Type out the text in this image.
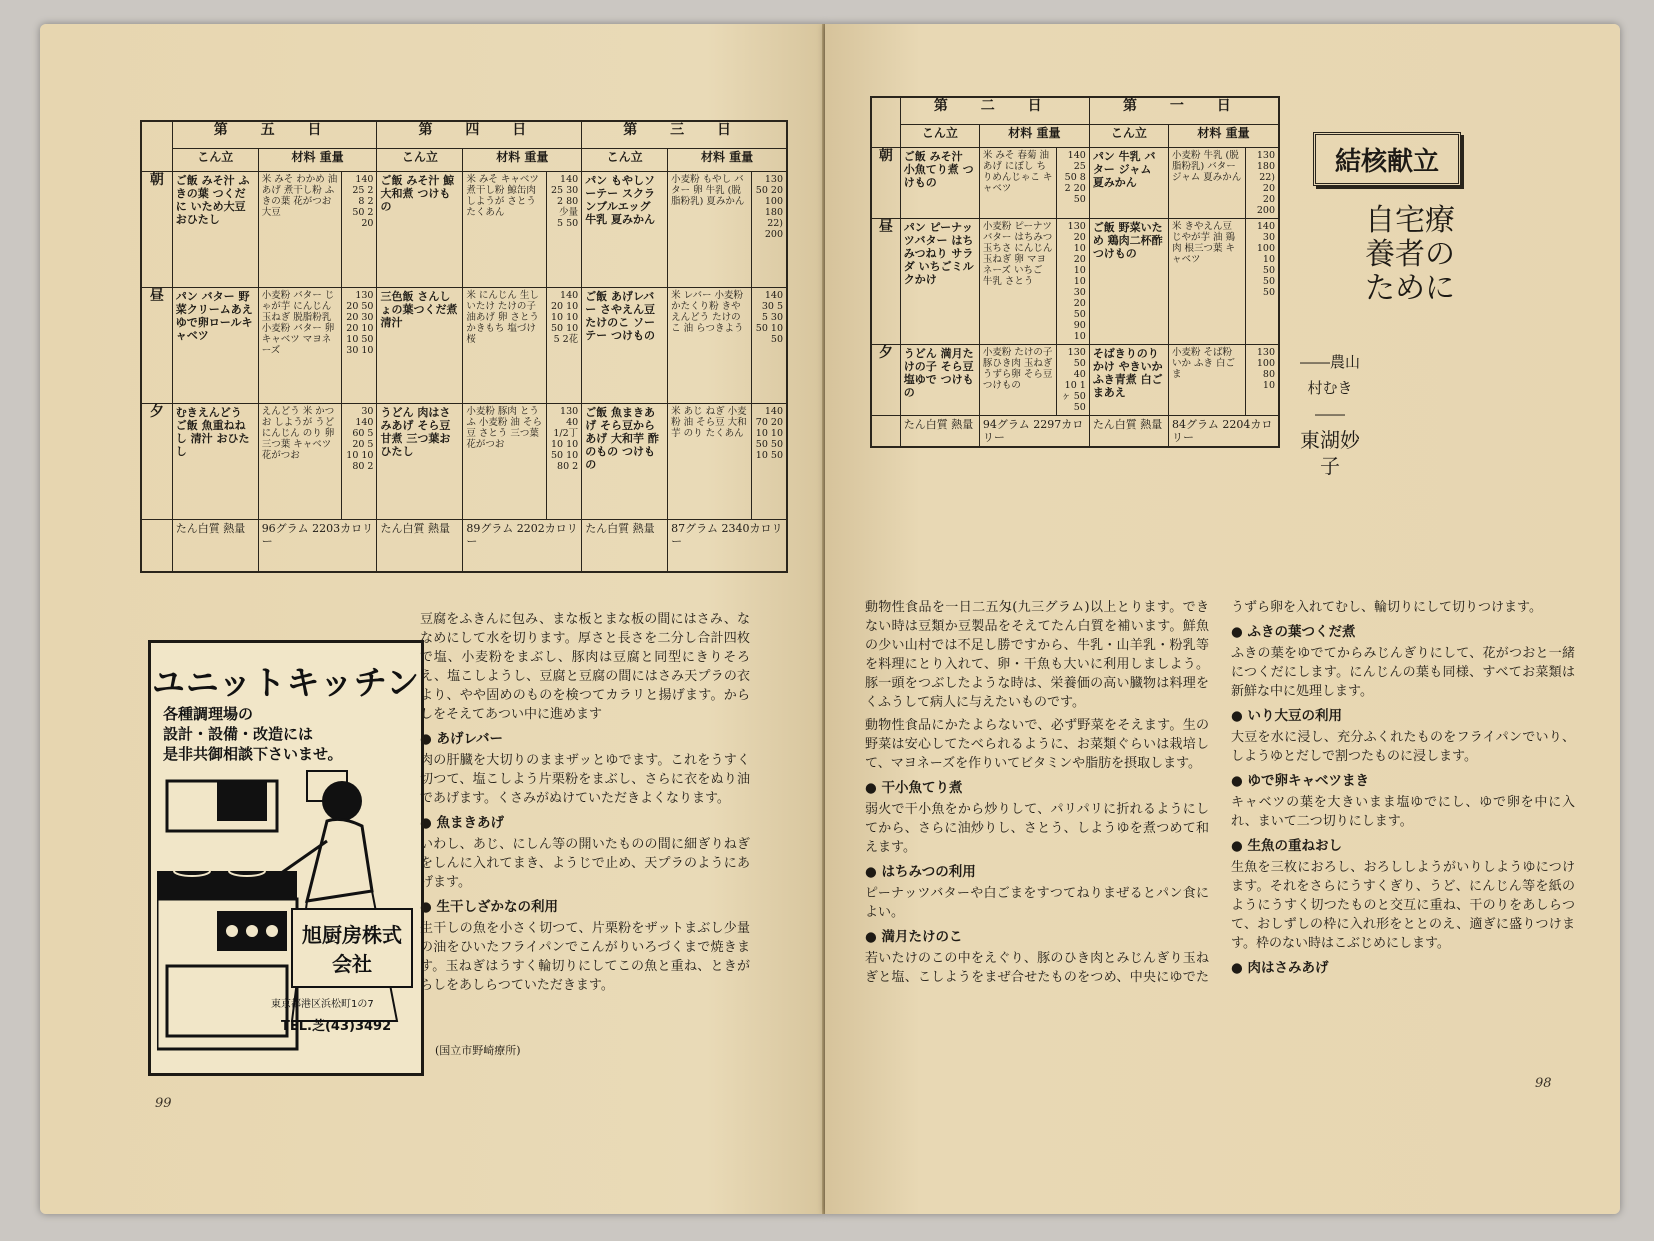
	第 五 日			第 四 日			第 三 日		
	こん立	材料 重量		こん立	材料 重量		こん立	材料 重量	
朝	ご飯 みそ汁 ふきの葉 つくだに いため大豆 おひたし	米 みそ わかめ 油あげ 煮干し粉 ふきの葉 花がつお 大豆	140 25 2 8 2 50 2 20	ご飯 みそ汁 鯨大和煮 つけもの	米 みそ キャベツ 煮干し粉 鯨缶肉 しようが さとう たくあん	140 25 30 2 80 少量 5 50	パン もやしソーテー スクランブルエッグ 牛乳 夏みかん	小麦粉 もやし バター 卵 牛乳 (脱脂粉乳) 夏みかん	130 50 20 100 180 22) 200
昼	パン バター 野菜クリームあえ ゆで卵ロールキャベツ	小麦粉 バター じゃが芋 にんじん 玉ねぎ 脱脂粉乳 小麦粉 バター 卵 キャベツ マヨネーズ	130 20 50 20 30 20 10 10 50 30 10	三色飯 さんしょの葉つくだ煮 清汁	米 にんじん 生しいたけ たけの子 油あげ 卵 さとう かきもち 塩づけ桜	140 20 10 10 10 50 10 5 2花	ご飯 あげレバー さやえん豆 たけのこ ソーテー つけもの	米 レバー 小麦粉 かたくり粉 きやえんどう たけのこ 油 らつきよう	140 30 5 5 30 50 10 50
夕	むきえんどう ご飯 魚重ねねし 清汁 おひたし	えんどう 米 かつお しようが うど にんじん のり 卵 三つ葉 キャベツ 花がつお	30 140 60 5 20 5 10 10 80 2	うどん 肉はさみあげ そら豆甘煮 三つ葉おひたし	小麦粉 豚肉 とうふ 小麦粉 油 そら豆 さとう 三つ葉 花がつお	130 40 1/2丁 10 10 50 10 80 2	ご飯 魚まきあげ そら豆からあげ 大和芋 酢のもの つけもの	米 あじ ねぎ 小麦粉 油 そら豆 大和芋 のり たくあん	140 70 20 10 10 50 50 10 50
	たん白質 熱量	96グラム 2203カロリー		たん白質 熱量	89グラム 2202カロリー		たん白質 熱量	87グラム 2340カロリー	
ユニットキッチン
各種調理場の
設計・設備・改造には
是非共御相談下さいませ。
旭厨房株式会社
東京都港区浜松町1の7
TEL.芝(43)3492

豆腐をふきんに包み、まな板とまな板の間にはさみ、ななめにして水を切ります。厚さと長さを二分し合計四枚で塩、小麦粉をまぶし、豚肉は豆腐と同型にきりそろえ、塩こしようし、豆腐と豆腐の間にはさみ天プラの衣より、やや固めのものを検つてカラリと揚げます。からしをそえてあつい中に進めます

● あげレバー

肉の肝臓を大切りのままザッとゆでます。これをうすく切つて、塩こしよう片栗粉をまぶし、さらに衣をぬり油であげます。くさみがぬけていただきよくなります。

● 魚まきあげ

いわし、あじ、にしん等の開いたものの間に細ぎりねぎをしんに入れてまき、ようじで止め、天プラのようにあげます。

● 生干しざかなの利用

生干しの魚を小さく切つて、片栗粉をザットまぶし少量の油をひいたフライパンでこんがりいろづくまで焼きます。玉ねぎはうすく輪切りにしてこの魚と重ね、ときがらしをあしらつていただきます。

(国立市野崎療所)
99
	第 二 日			第 一 日		
	こん立	材料 重量		こん立	材料 重量	
朝	ご飯 みそ汁 小魚てり煮 つけもの	米 みそ 春菊 油あげ にぼし ちりめんじゃこ キャベツ	140 25 50 8 2 20 50	パン 牛乳 バター ジャム 夏みかん	小麦粉 牛乳 (脱脂粉乳) バター ジャム 夏みかん	130 180 22) 20 20 200
昼	パン ピーナッツバター はちみつねり サラダ いちごミルクかけ	小麦粉 ピーナツバター はちみつ 玉ちさ にんじん 玉ねぎ 卵 マヨネーズ いちご 牛乳 さとう	130 20 10 20 10 10 30 20 50 90 10	ご飯 野菜いため 鶏肉二杯酢 つけもの	米 きやえん豆 じやが芋 油 鶏肉 根三つ葉 キャベツ	140 30 100 10 50 50 50
夕	うどん 満月たけの子 そら豆塩ゆで つけもの	小麦粉 たけの子 豚ひき肉 玉ねぎ うずら卵 そら豆 つけもの	130 50 40 10 1ヶ 50 50	そばきりのりかけ やきいか ふき青煮 白ごまあえ	小麦粉 そば粉 いか ふき 白ごま	130 100 80 10
	たん白質 熱量	94グラム 2297カロリー		たん白質 熱量	84グラム 2204カロリー	
結核献立
自宅療養者のために
――農山村むき――
東湖妙子

動物性食品を一日二五匁(九三グラム)以上とります。できない時は豆類か豆製品をそえてたん白質を補います。鮮魚の少い山村では不足し勝ですから、牛乳・山羊乳・粉乳等を料理にとり入れて、卵・干魚も大いに利用しましよう。豚一頭をつぶしたような時は、栄養価の高い臓物は料理をくふうして病人に与えたいものです。

動物性食品にかたよらないで、必ず野菜をそえます。生の野菜は安心してたべられるように、お菜類ぐらいは栽培して、マヨネーズを作りいてビタミンや脂肪を摂取します。

● 干小魚てり煮

弱火で干小魚をから炒りして、パリパリに折れるようにしてから、さらに油炒りし、さとう、しようゆを煮つめて和えます。

● はちみつの利用

ピーナッツバターや白ごまをすつてねりまぜるとパン食によい。

● 満月たけのこ

若いたけのこの中をえぐり、豚のひき肉とみじんぎり玉ねぎと塩、こしようをまぜ合せたものをつめ、中央にゆでたうずら卵を入れてむし、輪切りにして切りつけます。

● ふきの葉つくだ煮

ふきの葉をゆでてからみじんぎりにして、花がつおと一緒につくだにします。にんじんの葉も同様、すべてお菜類は新鮮な中に処理します。

● いり大豆の利用

大豆を水に浸し、充分ふくれたものをフライパンでいり、しようゆとだしで割つたものに浸します。

● ゆで卵キャベツまき

キャベツの葉を大きいまま塩ゆでにし、ゆで卵を中に入れ、まいて二つ切りにします。

● 生魚の重ねおし

生魚を三枚におろし、おろししようがいりしようゆにつけます。それをさらにうすくぎり、うど、にんじん等を紙のようにうすく切つたものと交互に重ね、干のりをあしらつて、おしずしの枠に入れ形をととのえ、適ぎに盛りつけます。枠のない時はこぶじめにします。

● 肉はさみあげ
98
